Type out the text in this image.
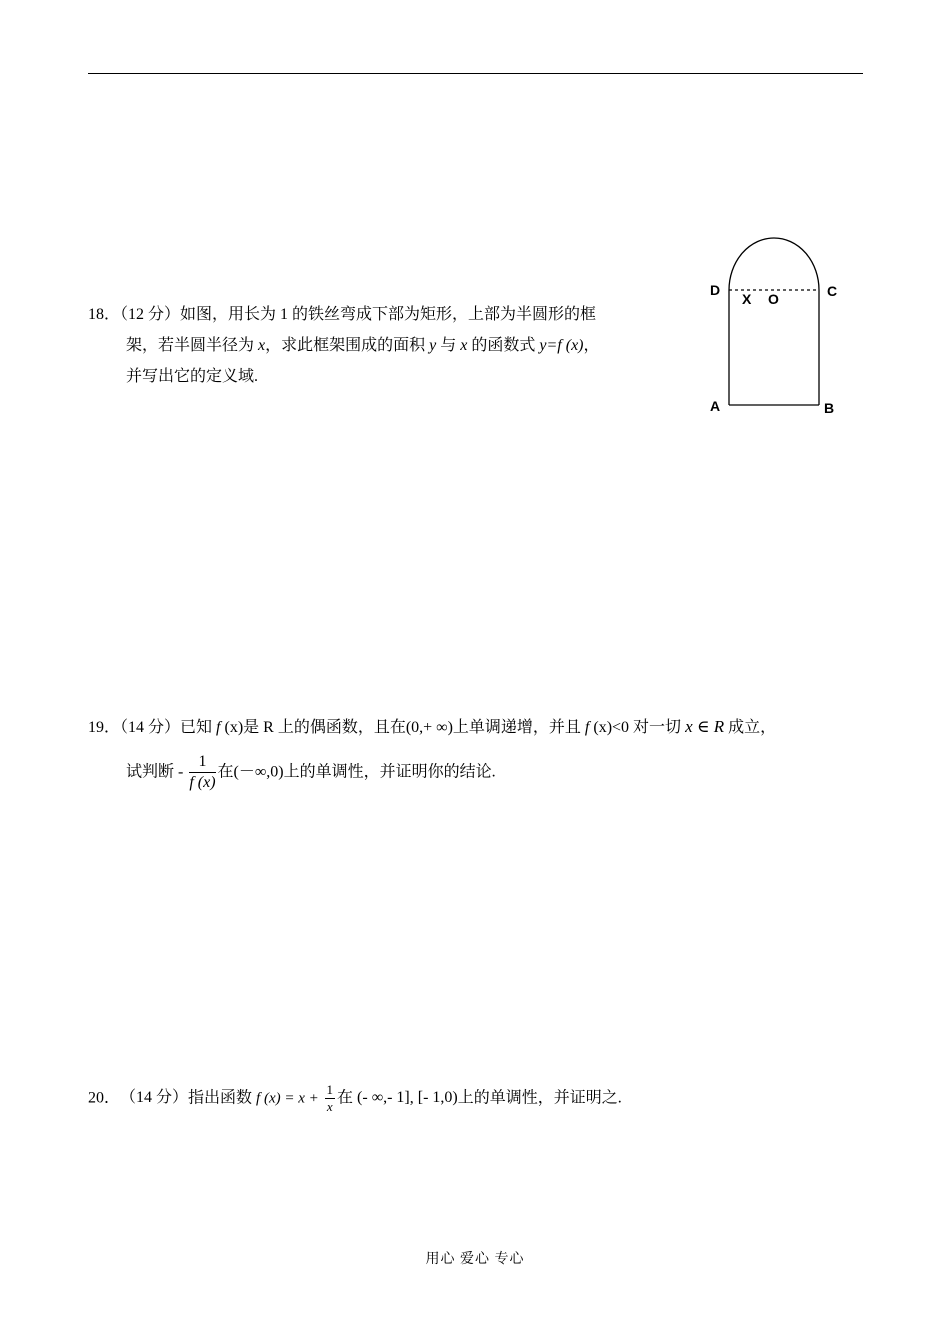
18．（12 分）如图，用长为 1 的铁丝弯成下部为矩形，上部为半圆形的框
架，若半圆半径为 x，求此框架围成的面积 y 与 x 的函数式 y=f (x)，
并写出它的定义域.
D	C
X O
A	B
19．（14 分）已知 f (x)是 R 上的偶函数，且在(0,+ ∞)上单调递增，并且 f (x)<0 对一切 x ∈ R 成立，
试判断 - $\frac{1}{f (x)}$ 在(－∞,0)上的单调性，并证明你的结论.
20． （14 分）指出函数 f $(x) = x + \frac{1}{x}$ 在 (- ∞,- 1], [- 1,0)上的单调性，并证明之.
用心 爱心 专心
